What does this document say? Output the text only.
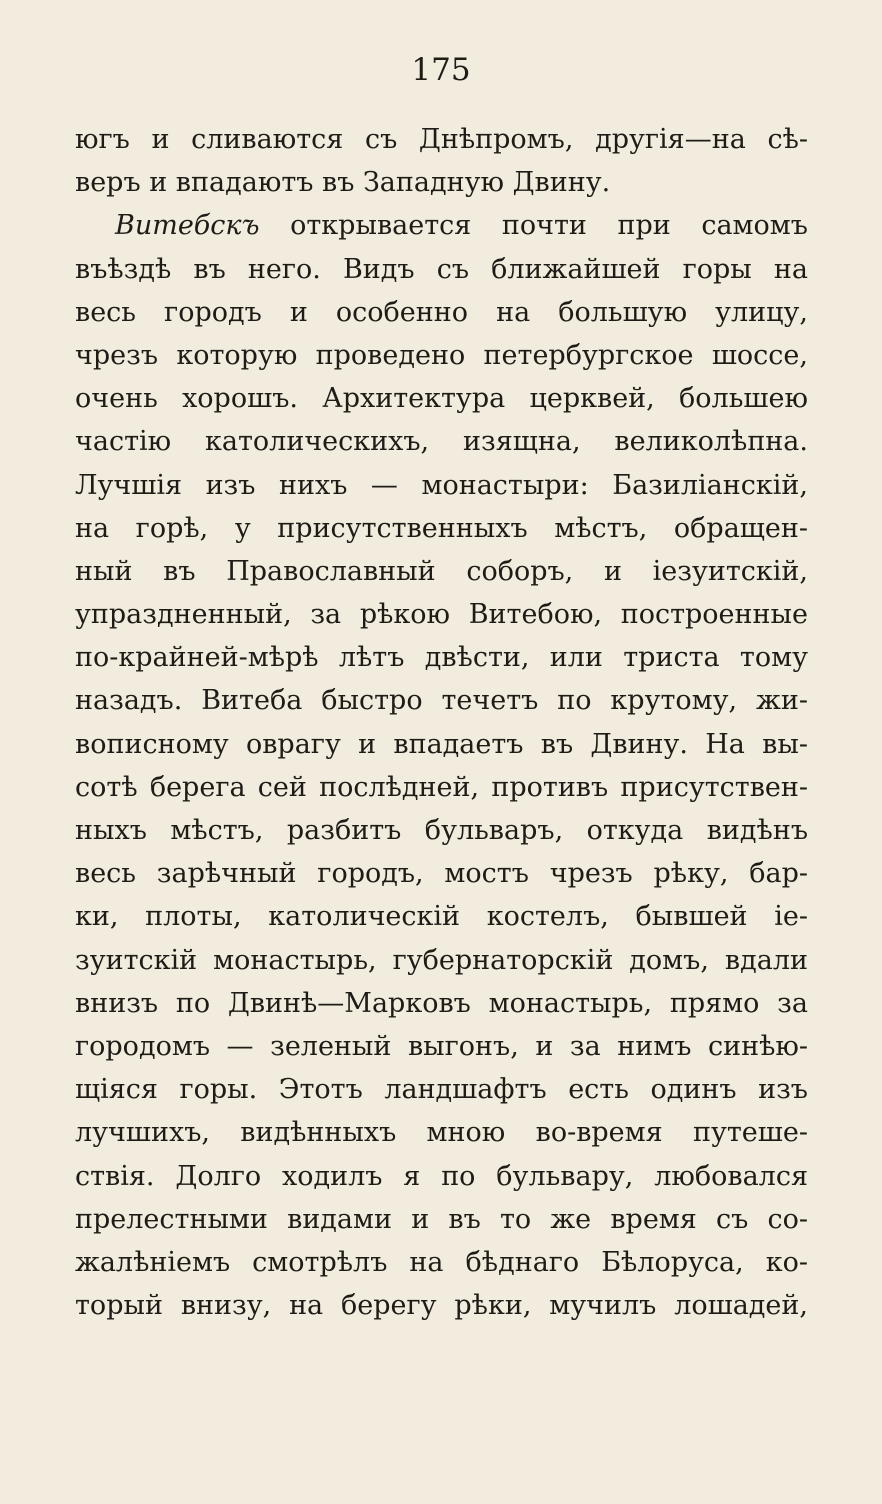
175
югъ и сливаются съ Днѣпромъ, другія—на сѣ-
веръ и впадаютъ въ Западную Двину.
Витебскъ открывается почти при самомъ
въѣздѣ въ него. Видъ съ ближайшей горы на
весь городъ и особенно на большую улицу,
чрезъ которую проведено петербургское шоссе,
очень хорошъ. Архитектура церквей, большею
частію католическихъ, изящна, великолѣпна.
Лучшія изъ нихъ — монастыри: Базиліанскій,
на горѣ, у присутственныхъ мѣстъ, обращен-
ный въ Православный соборъ, и іезуитскій,
упраздненный, за рѣкою Витебою, построенные
по-крайней-мѣрѣ лѣтъ двѣсти, или триста тому
назадъ. Витеба быстро течетъ по крутому, жи-
вописному оврагу и впадаетъ въ Двину. На вы-
сотѣ берега сей послѣдней, противъ присутствен-
ныхъ мѣстъ, разбитъ бульваръ, откуда видѣнъ
весь зарѣчный городъ, мостъ чрезъ рѣку, бар-
ки, плоты, католическій костелъ, бывшей іе-
зуитскій монастырь, губернаторскій домъ, вдали
внизъ по Двинѣ—Марковъ монастырь, прямо за
городомъ — зеленый выгонъ, и за нимъ синѣю-
щіяся горы. Этотъ ландшафтъ есть одинъ изъ
лучшихъ, видѣнныхъ мною во-время путеше-
ствія. Долго ходилъ я по бульвару, любовался
прелестными видами и въ то же время съ со-
жалѣніемъ смотрѣлъ на бѣднаго Бѣлоруса, ко-
торый внизу, на берегу рѣки, мучилъ лошадей,
